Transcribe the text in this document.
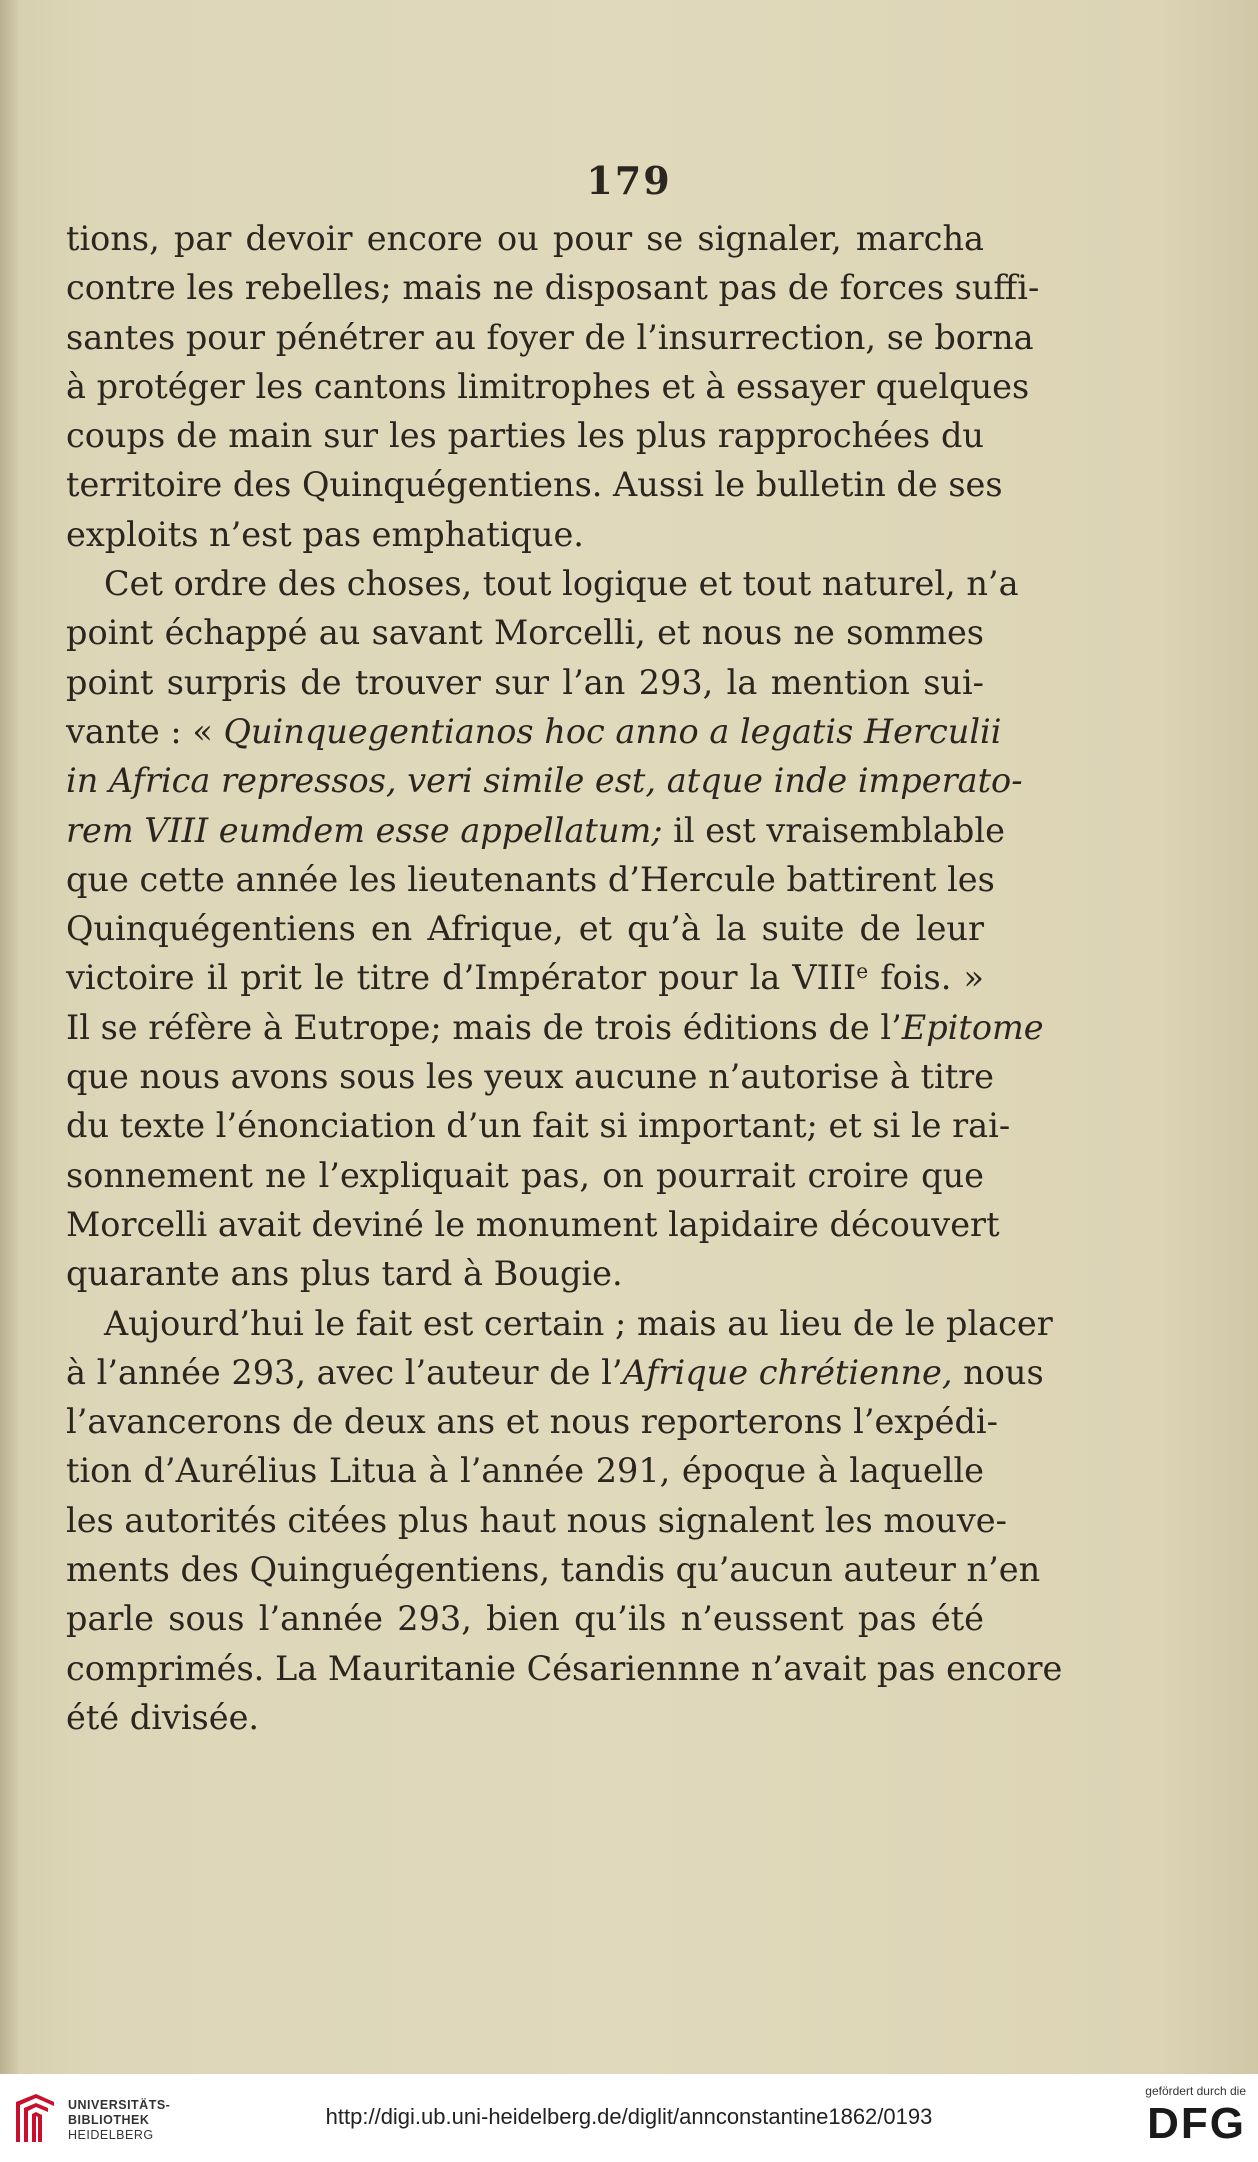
179
tions, par devoir encore ou pour se signaler, marcha
contre les rebelles; mais ne disposant pas de forces suffi-
santes pour pénétrer au foyer de l’insurrection, se borna
à protéger les cantons limitrophes et à essayer quelques
coups de main sur les parties les plus rapprochées du
territoire des Quinquégentiens. Aussi le bulletin de ses
exploits n’est pas emphatique.
Cet ordre des choses, tout logique et tout naturel, n’a
point échappé au savant Morcelli, et nous ne sommes
point surpris de trouver sur l’an 293, la mention sui-
vante : « Quinquegentianos hoc anno a legatis Herculii
in Africa repressos, veri simile est, atque inde imperato-
rem VIII eumdem esse appellatum; il est vraisemblable
que cette année les lieutenants d’Hercule battirent les
Quinquégentiens en Afrique, et qu’à la suite de leur
victoire il prit le titre d’Impérator pour la VIIIe fois. »
Il se réfère à Eutrope; mais de trois éditions de l’Epitome
que nous avons sous les yeux aucune n’autorise à titre
du texte l’énonciation d’un fait si important; et si le rai-
sonnement ne l’expliquait pas, on pourrait croire que
Morcelli avait deviné le monument lapidaire découvert
quarante ans plus tard à Bougie.
Aujourd’hui le fait est certain ; mais au lieu de le placer
à l’année 293, avec l’auteur de l’Afrique chrétienne, nous
l’avancerons de deux ans et nous reporterons l’expédi-
tion d’Aurélius Litua à l’année 291, époque à laquelle
les autorités citées plus haut nous signalent les mouve-
ments des Quinguégentiens, tandis qu’aucun auteur n’en
parle sous l’année 293, bien qu’ils n’eussent pas été
comprimés. La Mauritanie Césariennne n’avait pas encore
été divisée.
UNIVERSITÄTS-
BIBLIOTHEK
HEIDELBERG
http://digi.ub.uni-heidelberg.de/diglit/annconstantine1862/0193
gefördert durch die
DFG
